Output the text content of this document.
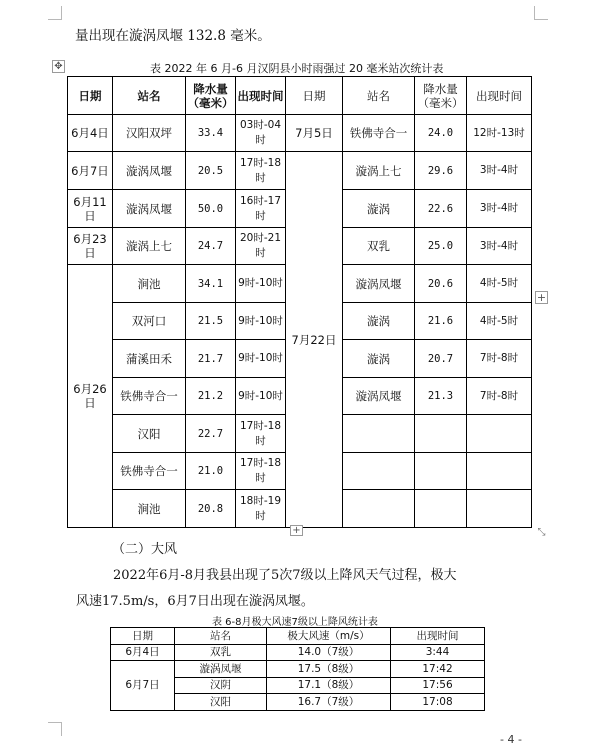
量出现在漩涡凤堰 132.8 毫米。
✥	表 2022 年 6 月-6 月汉阴县小时雨强过 20 毫米站次统计表
日期	站名	降水量（毫米）	出现时间	日期	站名	降水量（毫米）	出现时间
6月4日	汉阳双坪	33.4	03时-04时	7月5日	铁佛寺合一	24.0	12时-13时
6月7日	漩涡凤堰	20.5	17时-18时	7月22日	漩涡上七	29.6	3时-4时
6月11日	漩涡凤堰	50.0	16时-17时		漩涡	22.6	3时-4时
6月23日	漩涡上七	24.7	20时-21时		双乳	25.0	3时-4时
6月26日	涧池	34.1	9时-10时		漩涡凤堰	20.6	4时-5时
	双河口	21.5	9时-10时		漩涡	21.6	4时-5时
	蒲溪田禾	21.7	9时-10时		漩涡	20.7	7时-8时
	铁佛寺合一	21.2	9时-10时		漩涡凤堰	21.3	7时-8时
	汉阳	22.7	17时-18时				
	铁佛寺合一	21.0	17时-18时				
	涧池	20.8	18时-19时				
+
+	⤡
（二）大风
2022年6月-8月我县出现了5次7级以上降风天气过程，极大
风速17.5m/s，6月7日出现在漩涡凤堰。
表 6-8月极大风速7级以上降风统计表
日期	站名	极大风速（m/s）	出现时间
6月4日	双乳	14.0（7级）	3:44
6月7日	漩涡凤堰	17.5（8级）	17:42
	汉阴	17.1（8级）	17:56
	汉阳	16.7（7级）	17:08
- 4 -
